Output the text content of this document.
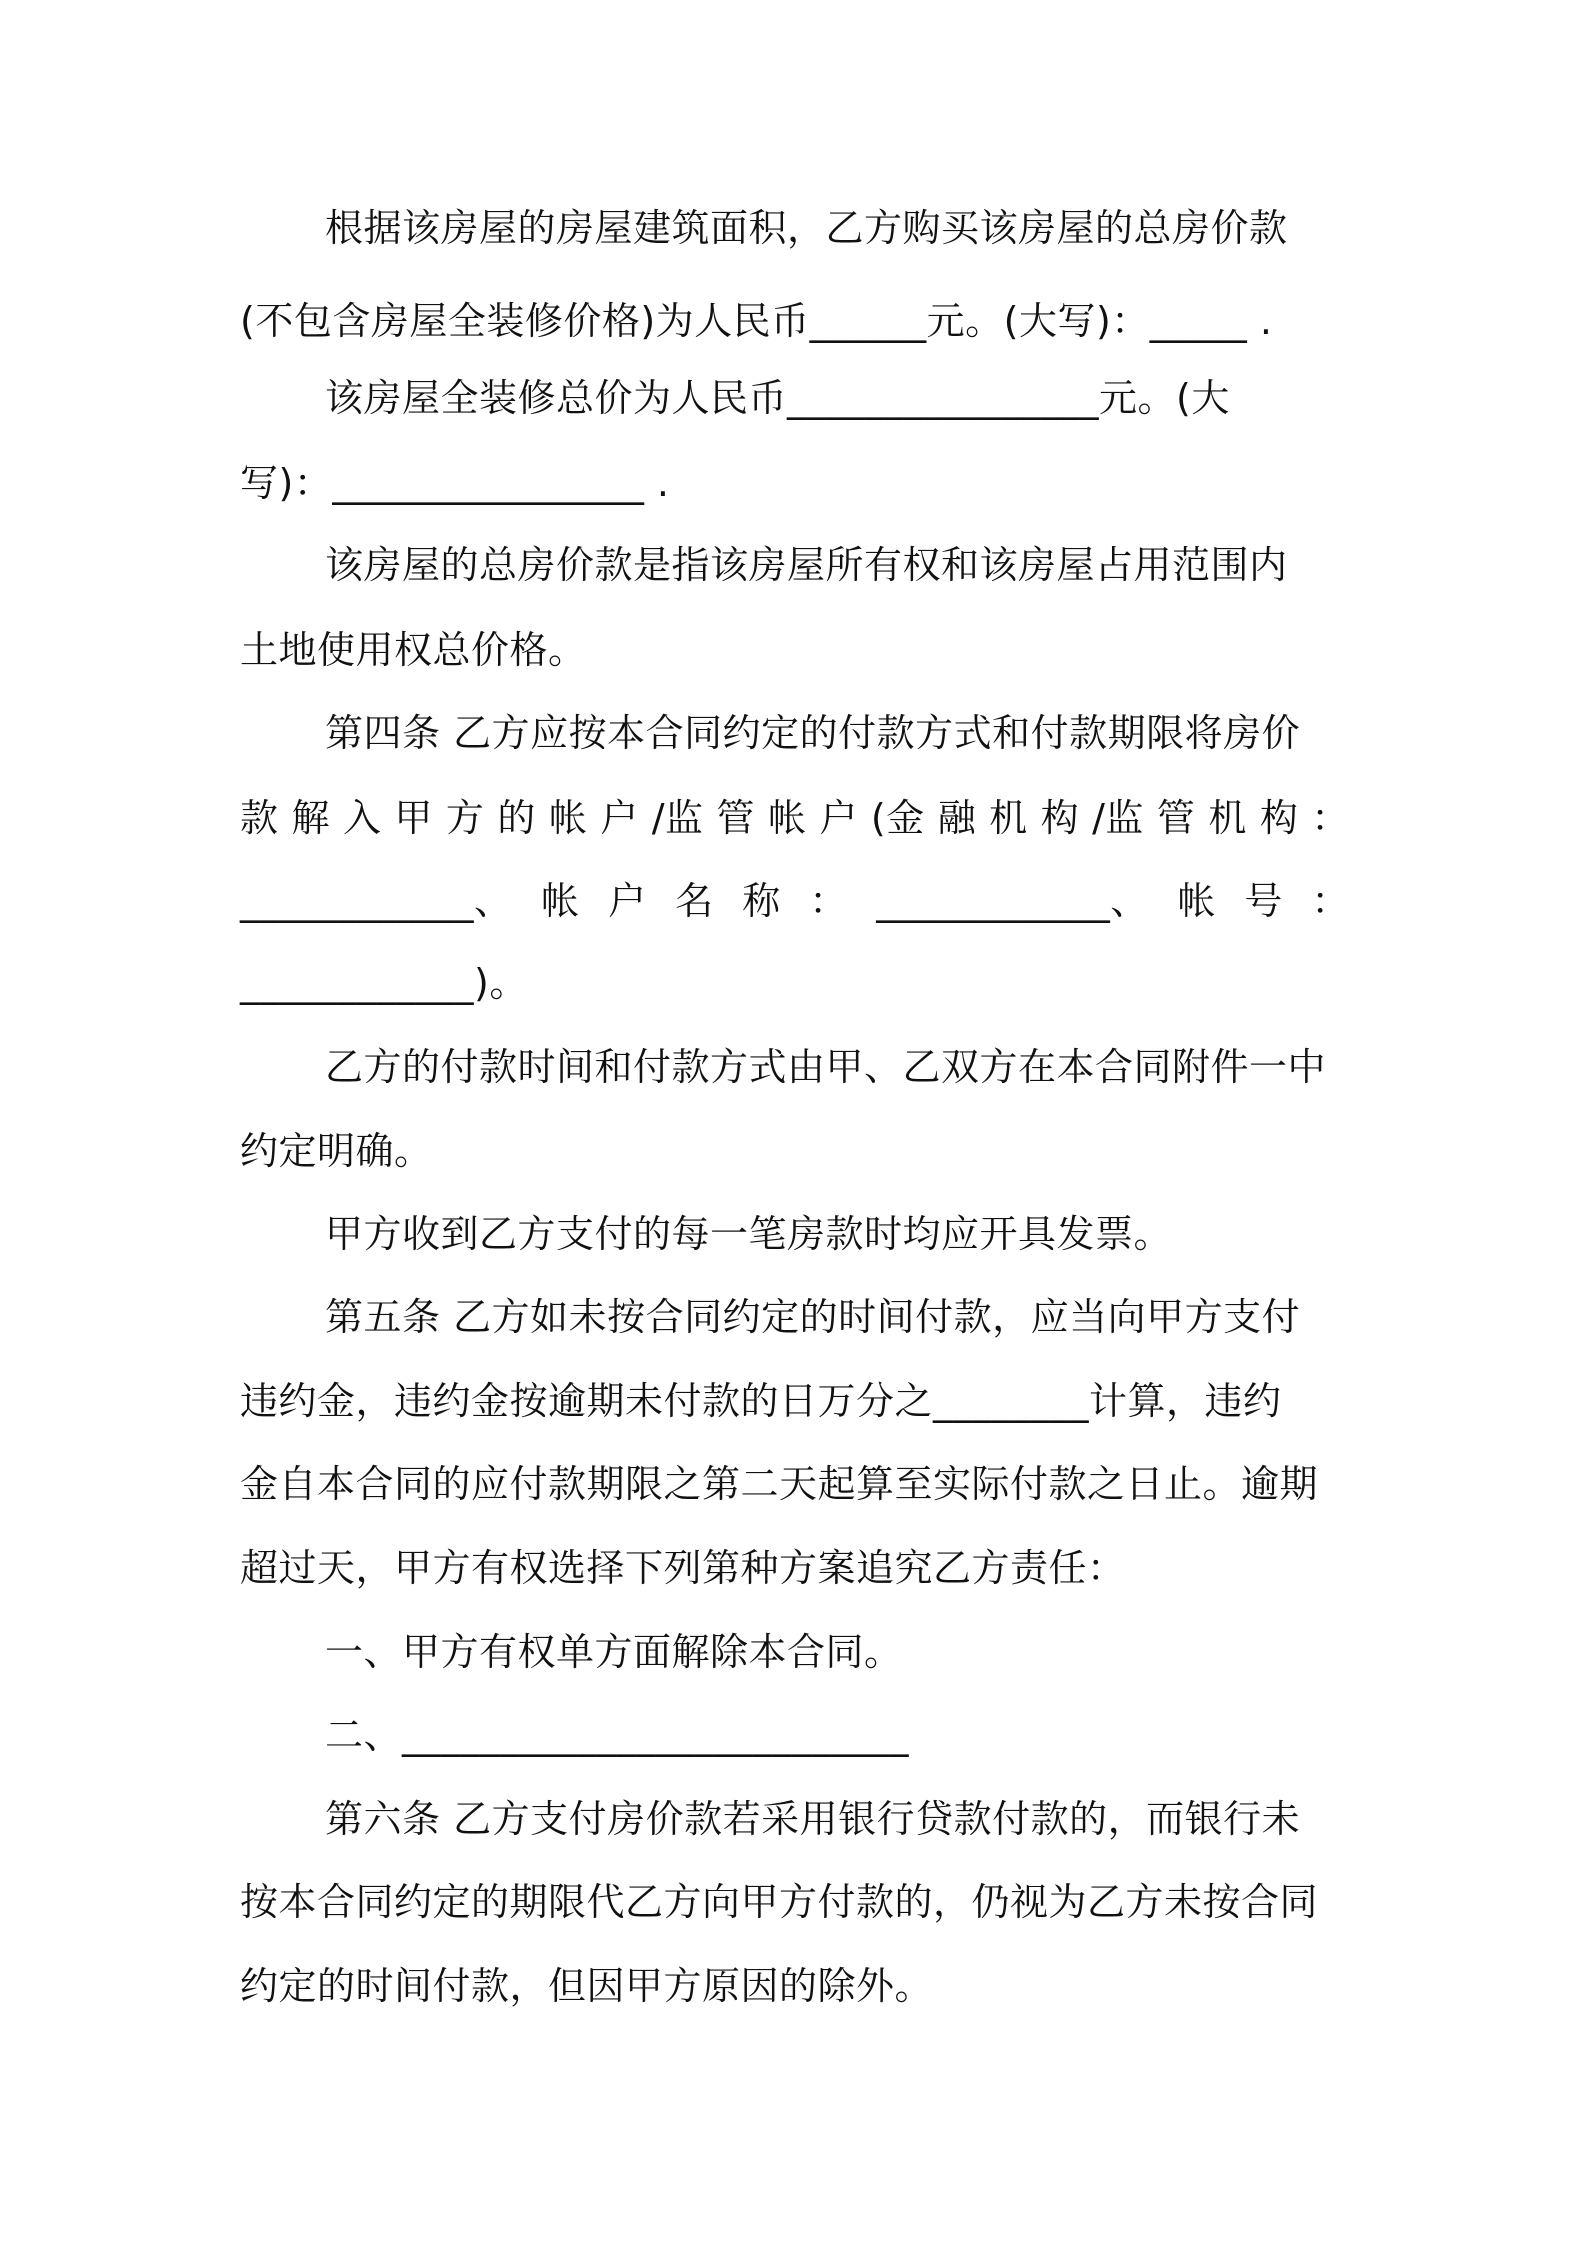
根据该房屋的房屋建筑面积，乙方购买该房屋的总房价款
(不包含房屋全装修价格)为人民币______元。(大写)：_____ .
该房屋全装修总价为人民币________________元。(大
写)：________________ .
该房屋的总房价款是指该房屋所有权和该房屋占用范围内
土地使用权总价格。
第四条 乙方应按本合同约定的付款方式和付款期限将房价
款 解 入 甲 方 的 帐 户 /监 管 帐 户 (金 融 机 构 /监 管 机 构 ：
____________、 帐 户 名 称 ： ____________、 帐 号 ：
____________)。
乙方的付款时间和付款方式由甲、乙双方在本合同附件一中
约定明确。
甲方收到乙方支付的每一笔房款时均应开具发票。
第五条 乙方如未按合同约定的时间付款，应当向甲方支付
违约金，违约金按逾期未付款的日万分之________计算，违约
金自本合同的应付款期限之第二天起算至实际付款之日止。逾期
超过天，甲方有权选择下列第种方案追究乙方责任：
一、甲方有权单方面解除本合同。
二、__________________________
第六条 乙方支付房价款若采用银行贷款付款的，而银行未
按本合同约定的期限代乙方向甲方付款的，仍视为乙方未按合同
约定的时间付款，但因甲方原因的除外。
